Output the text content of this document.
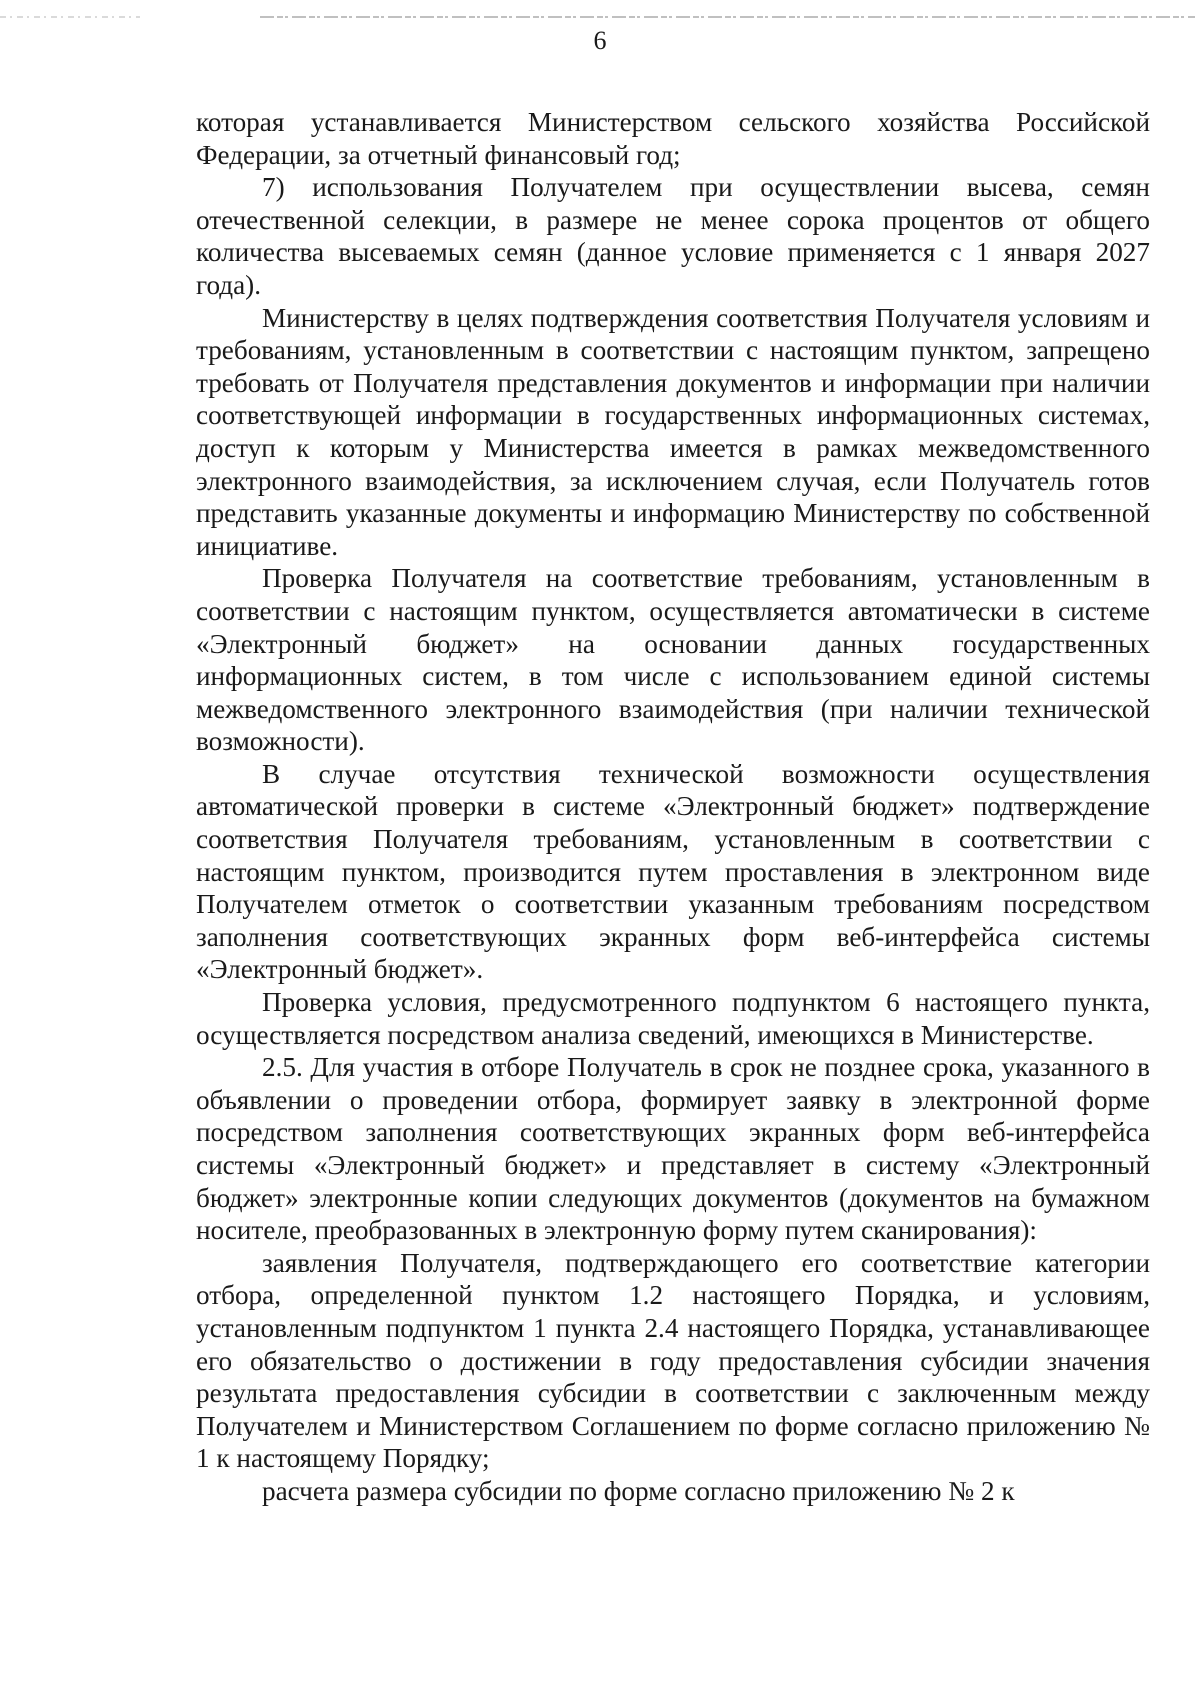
6

которая устанавливается Министерством сельского хозяйства Российской Федерации, за отчетный финансовый год;

7) использования Получателем при осуществлении высева, семян отечественной селекции, в размере не менее сорока процентов от общего количества высеваемых семян (данное условие применяется с 1 января 2027 года).

Министерству в целях подтверждения соответствия Получателя условиям и требованиям, установленным в соответствии с настоящим пунктом, запрещено требовать от Получателя представления документов и информации при наличии соответствующей информации в государственных информационных системах, доступ к которым у Министерства имеется в рамках межведомственного электронного взаимодействия, за исключением случая, если Получатель готов представить указанные документы и информацию Министерству по собственной инициативе.

Проверка Получателя на соответствие требованиям, установленным в соответствии с настоящим пунктом, осуществляется автоматически в системе «Электронный бюджет» на основании данных государственных информационных систем, в том числе с использованием единой системы межведомственного электронного взаимодействия (при наличии технической возможности).

В случае отсутствия технической возможности осуществления автоматической проверки в системе «Электронный бюджет» подтверждение соответствия Получателя требованиям, установленным в соответствии с настоящим пунктом, производится путем проставления в электронном виде Получателем отметок о соответствии указанным требованиям посредством заполнения соответствующих экранных форм веб-интерфейса системы «Электронный бюджет».

Проверка условия, предусмотренного подпунктом 6 настоящего пункта, осуществляется посредством анализа сведений, имеющихся в Министерстве.

2.5. Для участия в отборе Получатель в срок не позднее срока, указанного в объявлении о проведении отбора, формирует заявку в электронной форме посредством заполнения соответствующих экранных форм веб-интерфейса системы «Электронный бюджет» и представляет в систему «Электронный бюджет» электронные копии следующих документов (документов на бумажном носителе, преобразованных в электронную форму путем сканирования):

заявления Получателя, подтверждающего его соответствие категории отбора, определенной пунктом 1.2 настоящего Порядка, и условиям, установленным подпунктом 1 пункта 2.4 настоящего Порядка, устанавливающее его обязательство о достижении в году предоставления субсидии значения результата предоставления субсидии в соответствии с заключенным между Получателем и Министерством Соглашением по форме согласно приложению № 1 к настоящему Порядку;

расчета размера субсидии по форме согласно приложению № 2 к
